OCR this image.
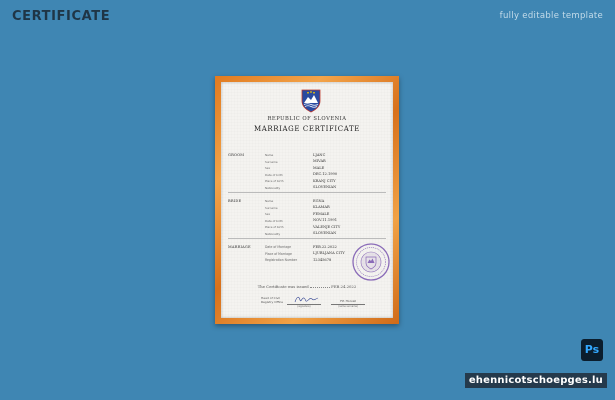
CERTIFICATE	fully editable template
REPUBLIC OF SLOVENIA
MARRIAGE CERTIFICATE
GROOM	Name	LJANC
Surname	MIVAR
Sex	MALE
Date of birth	DEC.12.1990
Place of birth	KRANJ CITY
Nationality	SLOVENIAN
BRIDE	Name	EGNA
Surname	KLAMAR
Sex	FEMALE
Date of birth	NOV.11.1991
Place of birth	VALENJE CITY
Nationality	SLOVENIAN
MARRIAGE	Date of Marriage	FEB.22.2022
Place of Marriage	LJUBLJANA CITY
Registration Number	12345678
The Certificate was issued	FEB.24.2022
Head of Civil
Registry Office
(signature)
F.P. Horvat
(name surname)
Ps
ehennicotschoepges.lu
